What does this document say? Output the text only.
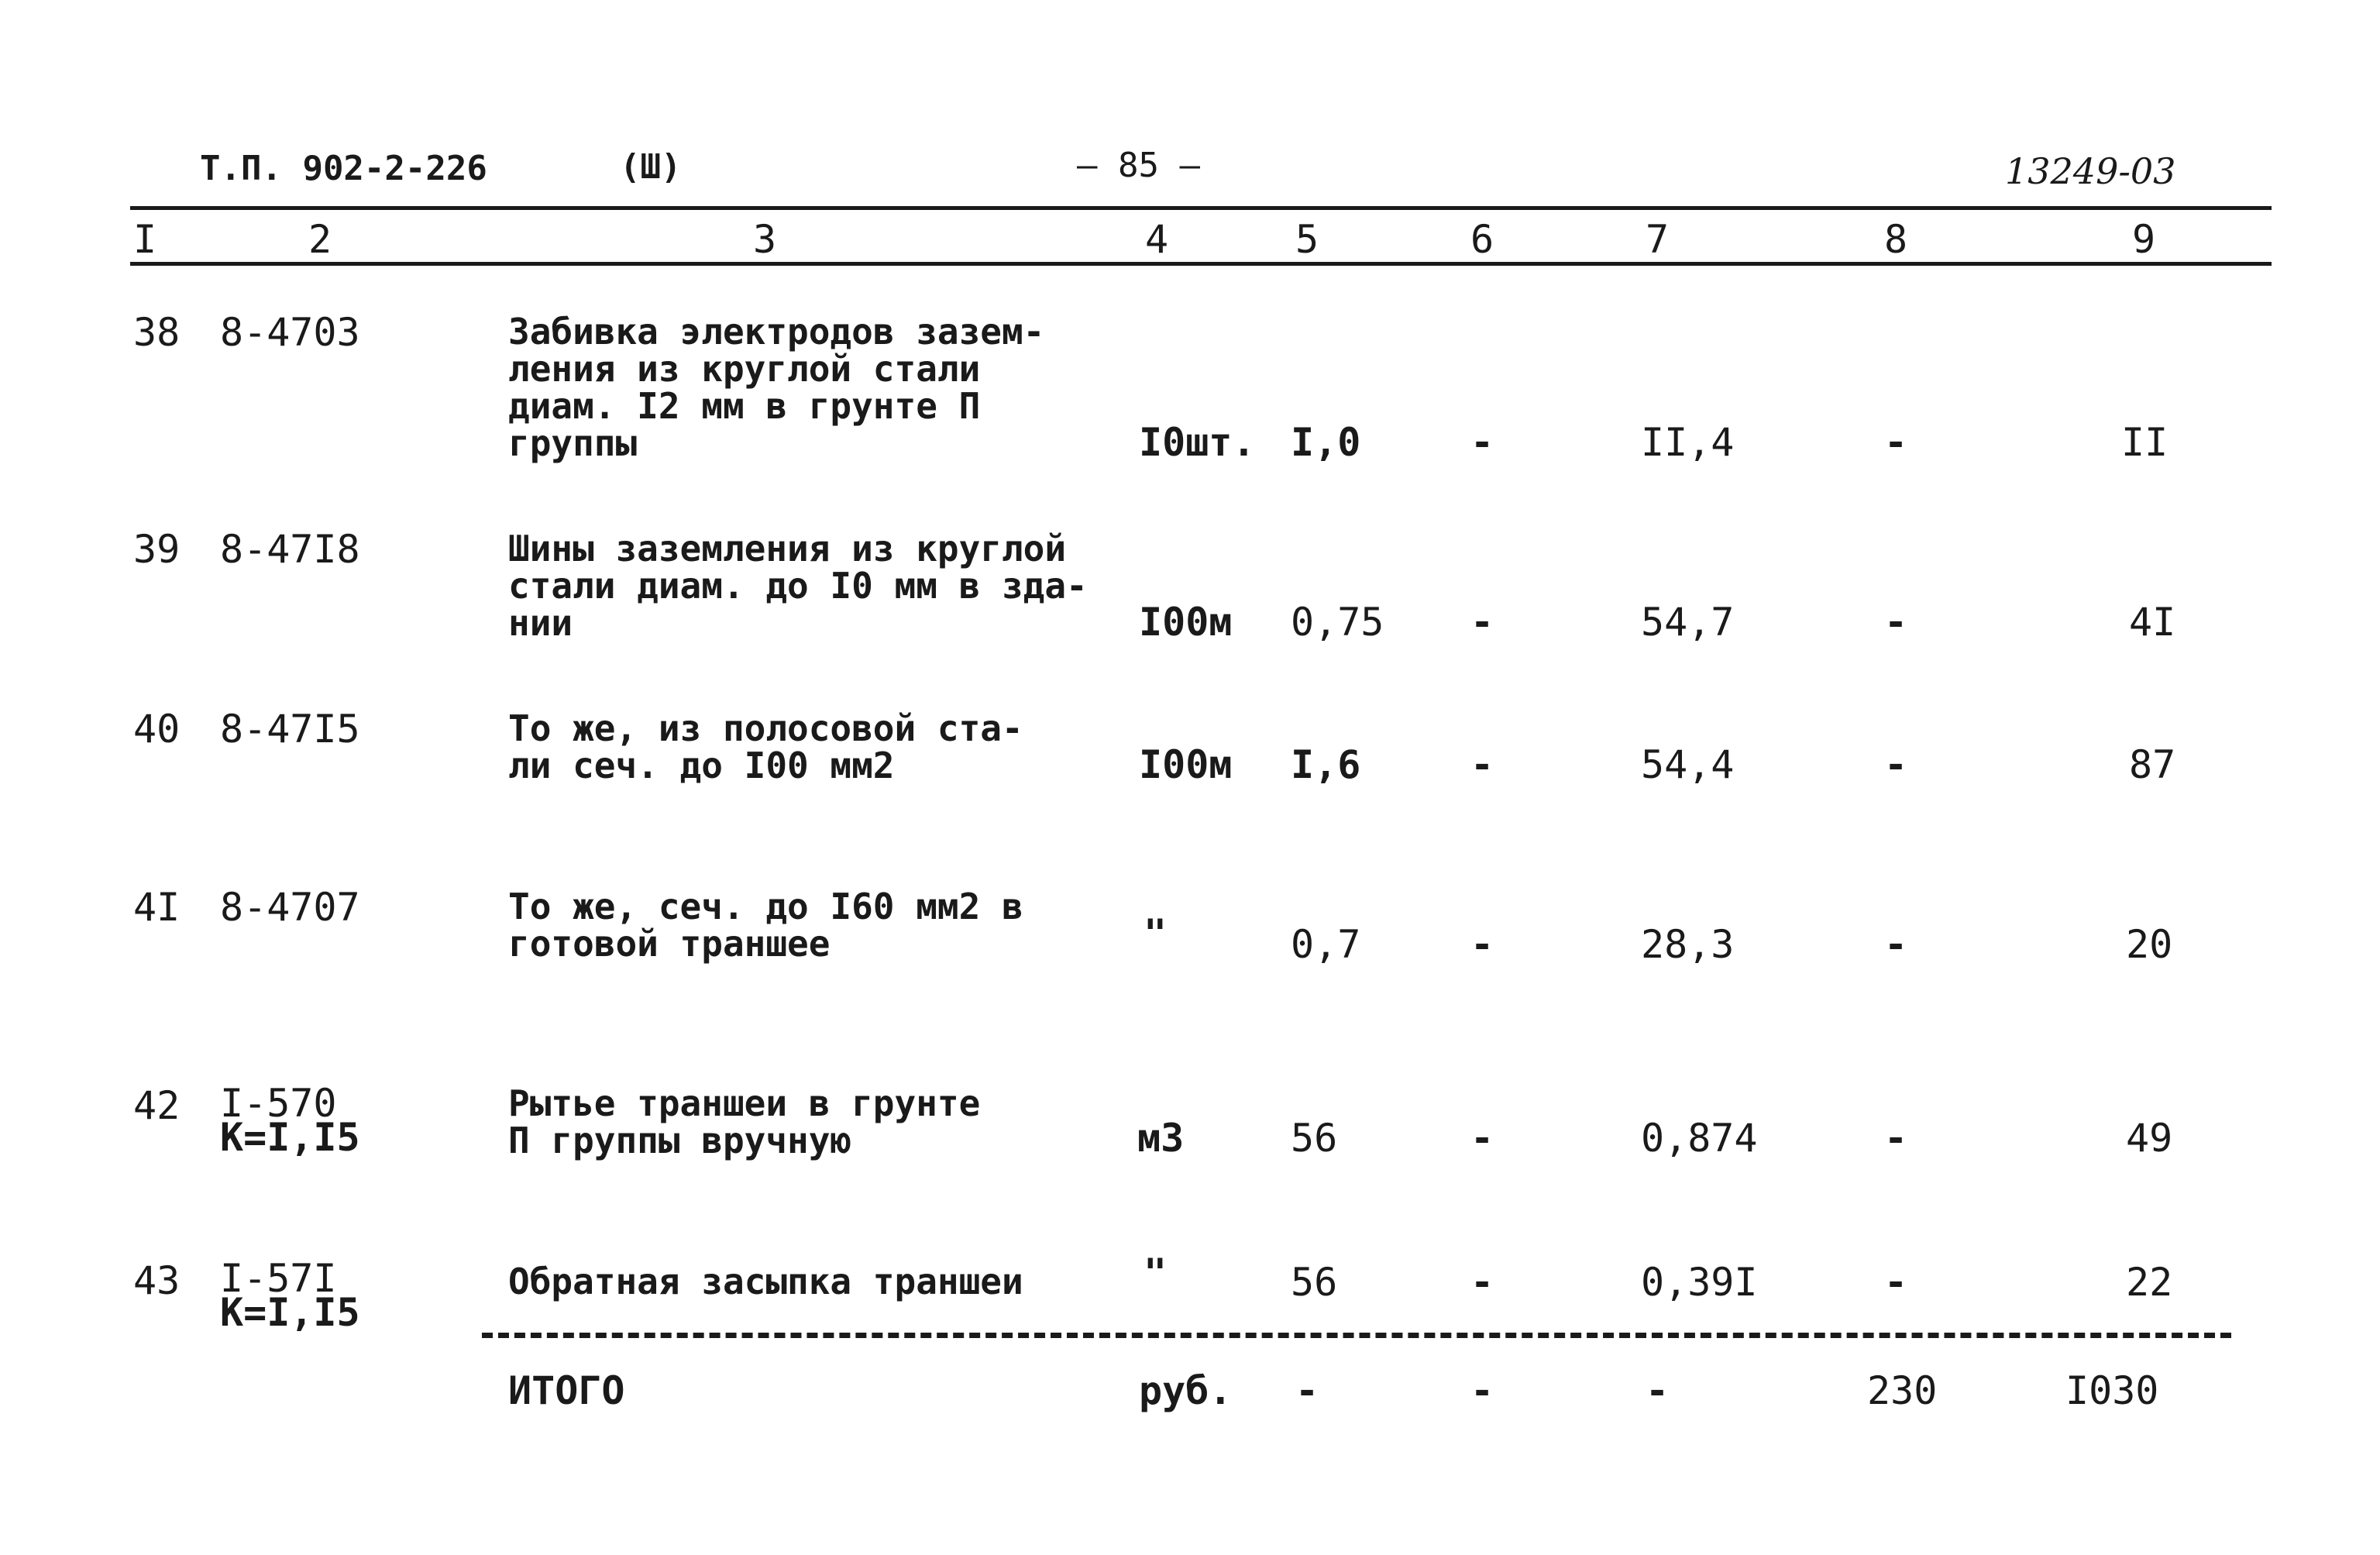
Т.П. 902-2-226	(Ш)	– 85 –	13249-03
I	2	3	4	5	6	7	8	9
38 8-4703	Забивка электродов зазем-
ления из круглой стали
диам. I2 мм в грунте П
группы	I0шт. I,0	-	II,4	-	II
39 8-47I8	Шины заземления из круглой
стали диам. до I0 мм в зда-
нии	I00м 0,75 -	54,7	-	4I
40 8-47I5	То же, из полосовой ста-
ли сеч. до I00 мм2	I00м I,6	-	54,4	-	87
4I 8-4707	То же, сеч. до I60 мм2 в
готовой траншее	"	0,7	-	28,3	-	20
42 I-570
К=I,I5
Рытье траншеи в грунте
П группы вручную	м3	56	-	0,874	-	49
43 I-57I
К=I,I5
Обратная засыпка траншеи	"	56	-	0,39I	-	22
ИТОГО	руб. -	-	-	230	I030
